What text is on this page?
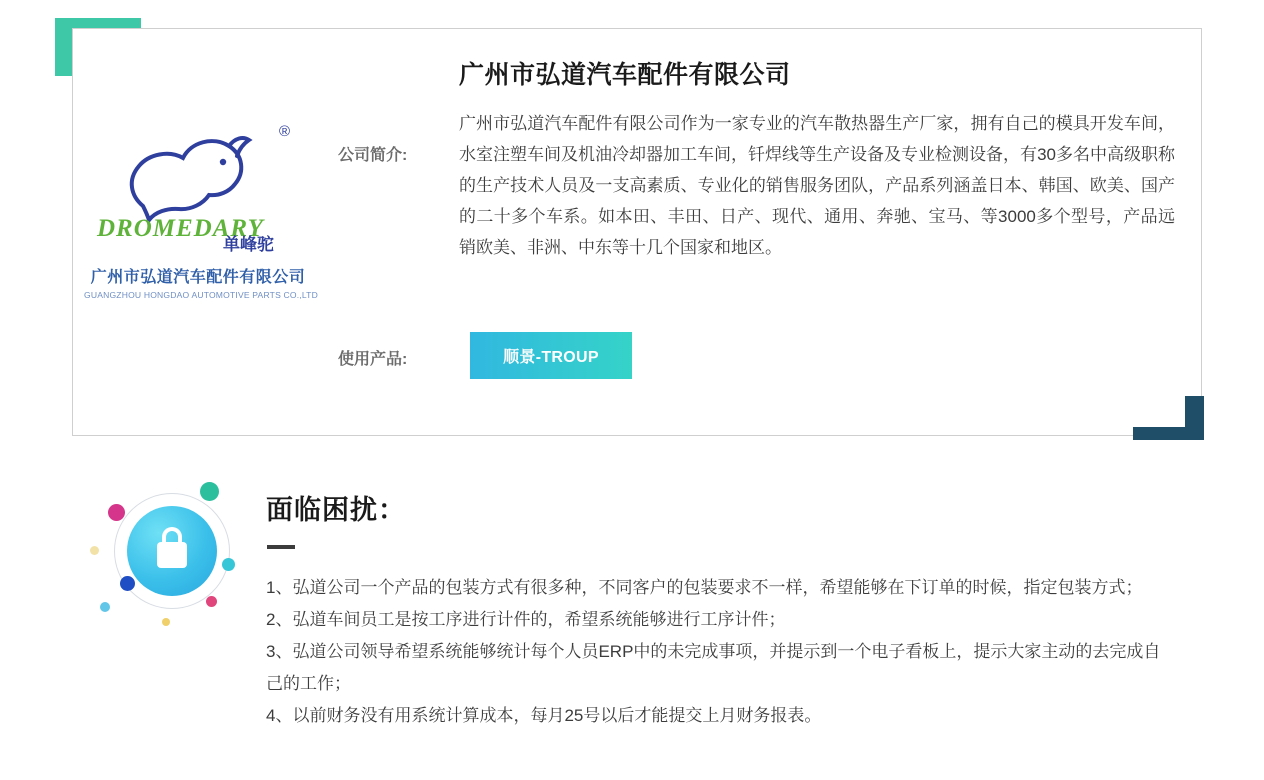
®
DROMEDARY
单峰驼
广州市弘道汽车配件有限公司
GUANGZHOU HONGDAO AUTOMOTIVE PARTS CO.,LTD
广州市弘道汽车配件有限公司
公司简介:
广州市弘道汽车配件有限公司作为一家专业的汽车散热器生产厂家，拥有自己的模具开发车间，水室注塑车间及机油冷却器加工车间，钎焊线等生产设备及专业检测设备，有30多名中高级职称的生产技术人员及一支高素质、专业化的销售服务团队，产品系列涵盖日本、韩国、欧美、国产的二十多个车系。如本田、丰田、日产、现代、通用、奔驰、宝马、等3000多个型号，产品远销欧美、非洲、中东等十几个国家和地区。
使用产品:	顺景-TROUP
面临困扰：
1、弘道公司一个产品的包装方式有很多种，不同客户的包装要求不一样，希望能够在下订单的时候，指定包装方式；
2、弘道车间员工是按工序进行计件的，希望系统能够进行工序计件；
3、弘道公司领导希望系统能够统计每个人员ERP中的未完成事项，并提示到一个电子看板上，提示大家主动的去完成自己的工作；
4、以前财务没有用系统计算成本，每月25号以后才能提交上月财务报表。
